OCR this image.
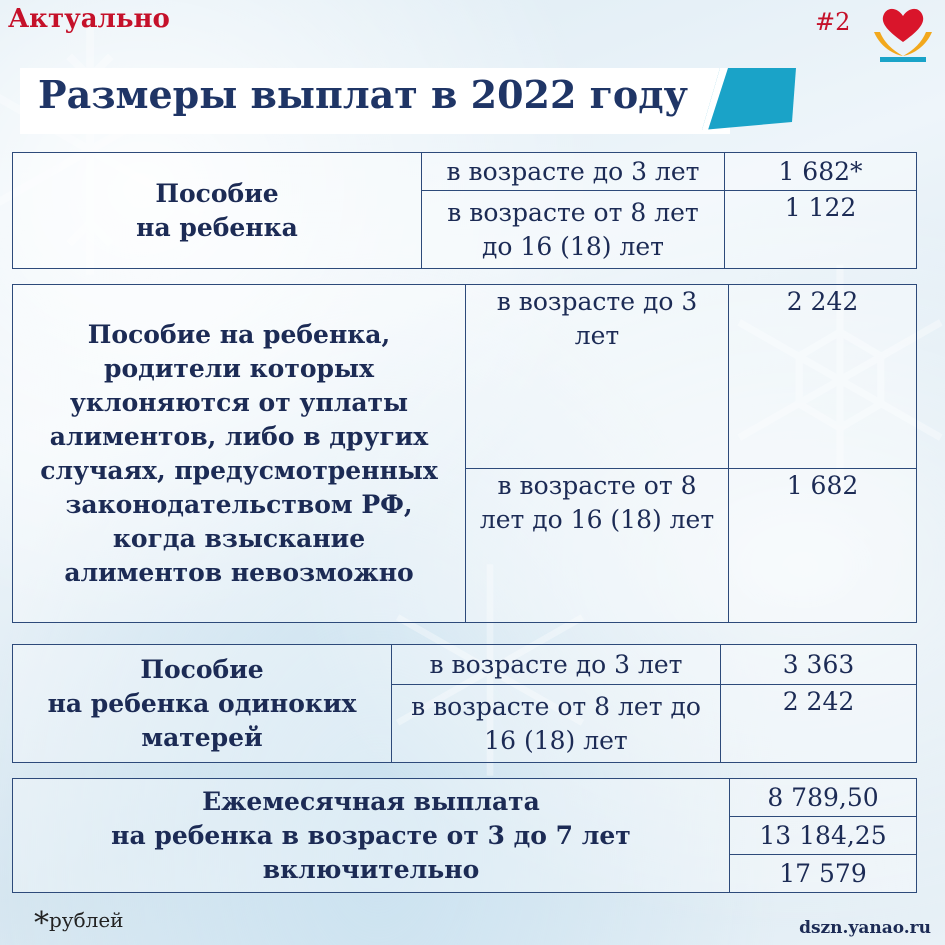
Актуально	#2
Размеры выплат в 2022 году
Пособие
на ребенка	в возрасте до 3 лет	1 682*

	в возрасте от 8 лет
до 16 (18) лет	1 122
Пособие на ребенка, родители которых уклоняются от уплаты алиментов, либо в других случаях, предусмотренных законодательством РФ, когда взыскание алиментов невозможно	в возрасте до 3
лет	2 242

	в возрасте от 8
лет до 16 (18) лет	1 682
Пособие
на ребенка одиноких
матерей	в возрасте до 3 лет	3 363

	в возрасте от 8 лет до
16 (18) лет	2 242
Ежемесячная выплата
на ребенка в возрасте от 3 до 7 лет
включительно
	8 789,50
13 184,25
17 579
*рублей	dszn.yanao.ru
